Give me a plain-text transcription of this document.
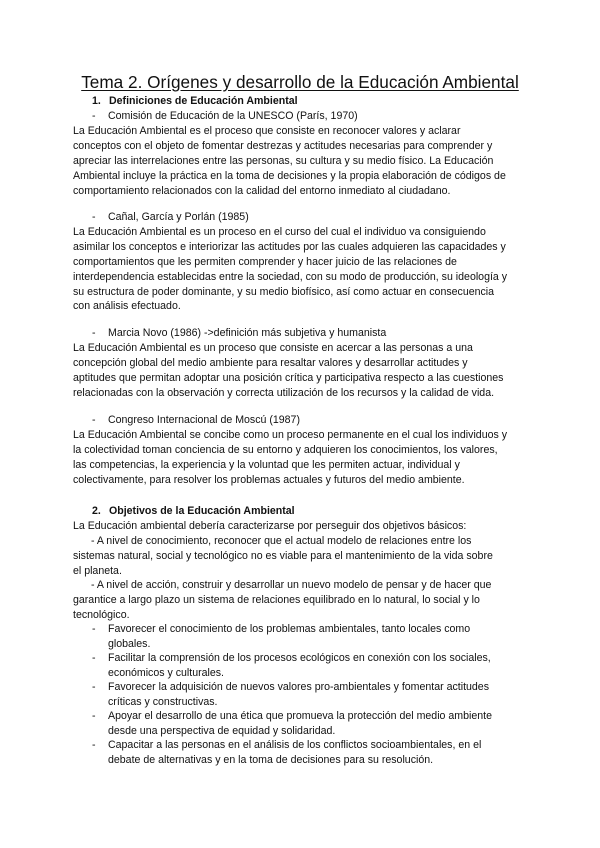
Tema 2. Orígenes y desarrollo de la Educación Ambiental
1. Definiciones de Educación Ambiental
- Comisión de Educación de la UNESCO (París, 1970)
La Educación Ambiental es el proceso que consiste en reconocer valores y aclarar
conceptos con el objeto de fomentar destrezas y actitudes necesarias para comprender y
apreciar las interrelaciones entre las personas, su cultura y su medio físico. La Educación
Ambiental incluye la práctica en la toma de decisiones y la propia elaboración de códigos de
comportamiento relacionados con la calidad del entorno inmediato al ciudadano.
- Cañal, García y Porlán (1985)
La Educación Ambiental es un proceso en el curso del cual el individuo va consiguiendo
asimilar los conceptos e interiorizar las actitudes por las cuales adquieren las capacidades y
comportamientos que les permiten comprender y hacer juicio de las relaciones de
interdependencia establecidas entre la sociedad, con su modo de producción, su ideología y
su estructura de poder dominante, y su medio biofísico, así como actuar en consecuencia
con análisis efectuado.
- Marcia Novo (1986) ->definición más subjetiva y humanista
La Educación Ambiental es un proceso que consiste en acercar a las personas a una
concepción global del medio ambiente para resaltar valores y desarrollar actitudes y
aptitudes que permitan adoptar una posición crítica y participativa respecto a las cuestiones
relacionadas con la observación y correcta utilización de los recursos y la calidad de vida.
- Congreso Internacional de Moscú (1987)
La Educación Ambiental se concibe como un proceso permanente en el cual los individuos y
la colectividad toman conciencia de su entorno y adquieren los conocimientos, los valores,
las competencias, la experiencia y la voluntad que les permiten actuar, individual y
colectivamente, para resolver los problemas actuales y futuros del medio ambiente.
2. Objetivos de la Educación Ambiental
La Educación ambiental debería caracterizarse por perseguir dos objetivos básicos:
- A nivel de conocimiento, reconocer que el actual modelo de relaciones entre los
sistemas natural, social y tecnológico no es viable para el mantenimiento de la vida sobre
el planeta.
- A nivel de acción, construir y desarrollar un nuevo modelo de pensar y de hacer que
garantice a largo plazo un sistema de relaciones equilibrado en lo natural, lo social y lo
tecnológico.
- Favorecer el conocimiento de los problemas ambientales, tanto locales como
globales.
- Facilitar la comprensión de los procesos ecológicos en conexión con los sociales,
económicos y culturales.
- Favorecer la adquisición de nuevos valores pro-ambientales y fomentar actitudes
críticas y constructivas.
- Apoyar el desarrollo de una ética que promueva la protección del medio ambiente
desde una perspectiva de equidad y solidaridad.
- Capacitar a las personas en el análisis de los conflictos socioambientales, en el
debate de alternativas y en la toma de decisiones para su resolución.
